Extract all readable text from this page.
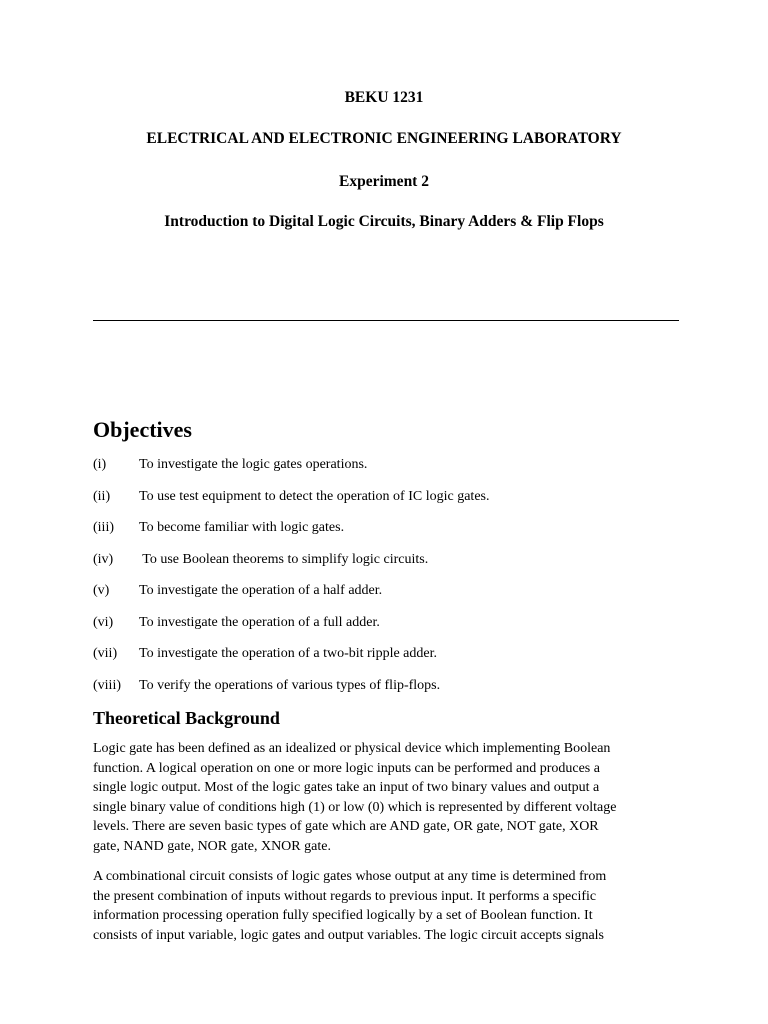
BEKU 1231
ELECTRICAL AND ELECTRONIC ENGINEERING LABORATORY
Experiment 2
Introduction to Digital Logic Circuits, Binary Adders & Flip Flops
Objectives
(i) To investigate the logic gates operations.
(ii) To use test equipment to detect the operation of IC logic gates.
(iii) To become familiar with logic gates.
(iv) To use Boolean theorems to simplify logic circuits.
(v) To investigate the operation of a half adder.
(vi) To investigate the operation of a full adder.
(vii) To investigate the operation of a two-bit ripple adder.
(viii) To verify the operations of various types of flip-flops.
Theoretical Background

Logic gate has been defined as an idealized or physical device which implementing Boolean
function. A logical operation on one or more logic inputs can be performed and produces a
single logic output. Most of the logic gates take an input of two binary values and output a
single binary value of conditions high (1) or low (0) which is represented by different voltage
levels. There are seven basic types of gate which are AND gate, OR gate, NOT gate, XOR
gate, NAND gate, NOR gate, XNOR gate.

A combinational circuit consists of logic gates whose output at any time is determined from
the present combination of inputs without regards to previous input. It performs a specific
information processing operation fully specified logically by a set of Boolean function. It
consists of input variable, logic gates and output variables. The logic circuit accepts signals
